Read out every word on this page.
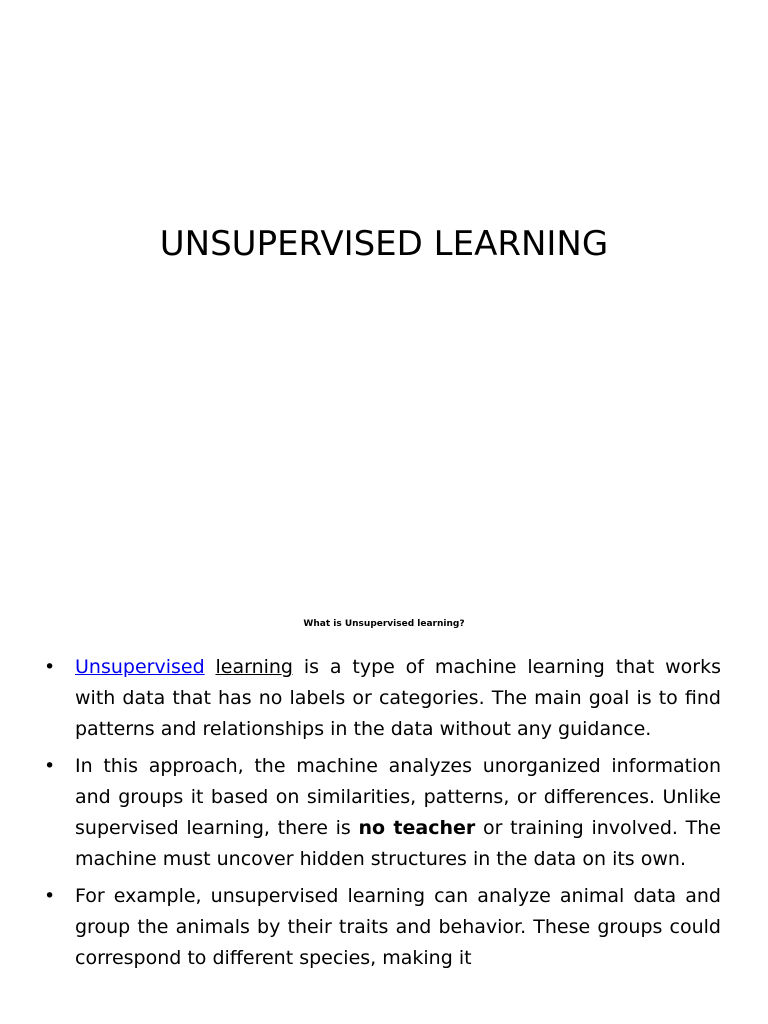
UNSUPERVISED LEARNING

What is Unsupervised learning?

• Unsupervised learning is a type of machine learning that works with data that has no labels or categories. The main goal is to find patterns and relationships in the data without any guidance.
• In this approach, the machine analyzes unorganized information and groups it based on similarities, patterns, or differences. Unlike supervised learning, there is no teacher or training involved. The machine must uncover hidden structures in the data on its own.
• For example, unsupervised learning can analyze animal data and group the animals by their traits and behavior. These groups could correspond to different species, making it
